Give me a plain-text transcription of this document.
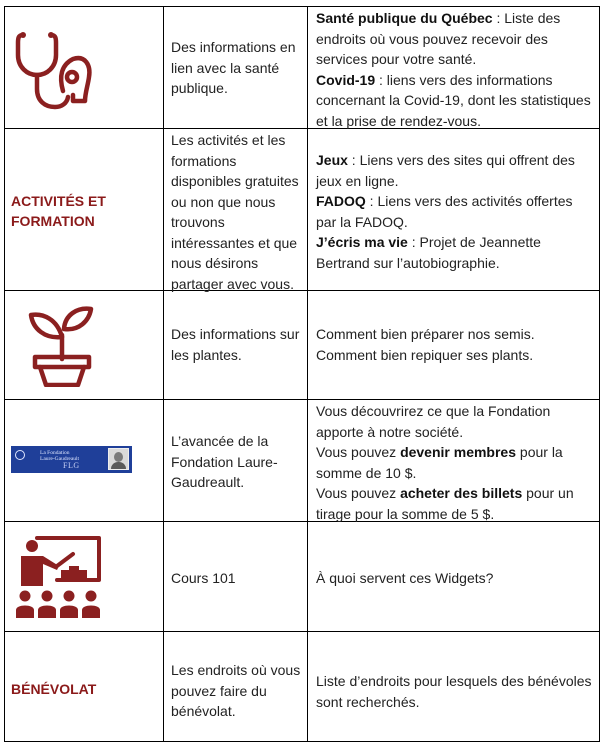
Des informations en lien avec la santé publique.

Santé publique du Québec : Liste des endroits où vous pouvez recevoir des services pour votre santé.

Covid-19 : liens vers des informations concernant la Covid-19, dont les statistiques et la prise de rendez-vous.

ACTIVITÉS ET FORMATION
Les activités et les formations disponibles gratuites ou non que nous trouvons intéressantes et que nous désirons partager avec vous.

Jeux : Liens vers des sites qui offrent des jeux en ligne.

FADOQ : Liens vers des activités offertes par la FADOQ.

J’écris ma vie : Projet de Jeannette Bertrand sur l’autobiographie.

Des informations sur les plantes.

Comment bien préparer nos semis.

Comment bien repiquer ses plants.

La Fondation
Laure-Gaudreault
FLG
L’avancée de la Fondation Laure-Gaudreault.

Vous découvrirez ce que la Fondation apporte à notre société.

Vous pouvez devenir membres pour la somme de 10 $.

Vous pouvez acheter des billets pour un tirage pour la somme de 5 $.

Cours 101	À quoi servent ces Widgets?

BÉNÉVOLAT
Les endroits où vous pouvez faire du bénévolat.

Liste d’endroits pour lesquels des bénévoles sont recherchés.
